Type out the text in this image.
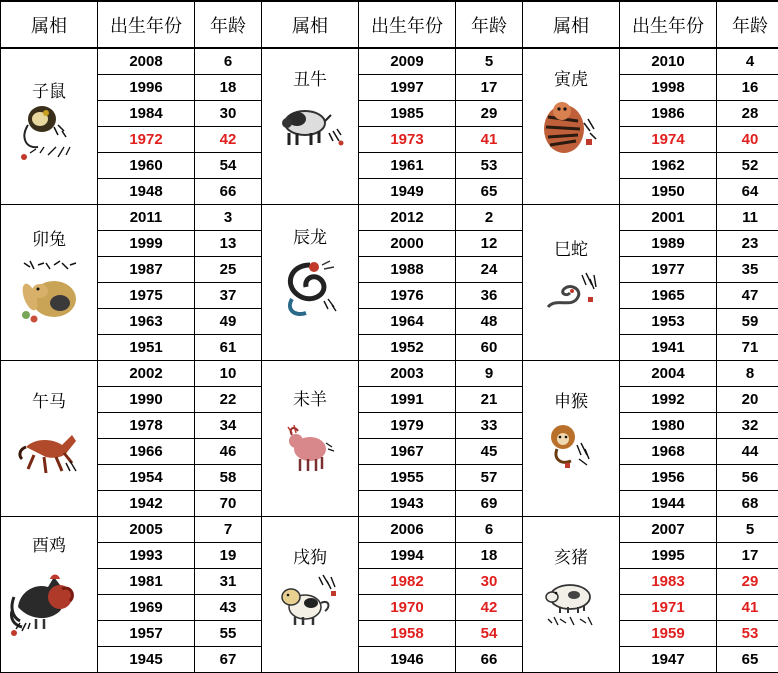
属相	出生年份	年龄	属相	出生年份	年龄	属相	出生年份	年龄

子鼠	2008	6	丑牛	2009	5	寅虎	2010	4
	1996	18		1997	17		1998	16
	1984	30		1985	29		1986	28
	1972	42		1973	41		1974	40
	1960	54		1961	53		1962	52
	1948	66		1949	65		1950	64

卯兔	2011	3	辰龙	2012	2	巳蛇	2001	11
	1999	13		2000	12		1989	23
	1987	25		1988	24		1977	35
	1975	37		1976	36		1965	47
	1963	49		1964	48		1953	59
	1951	61		1952	60		1941	71

午马	2002	10	未羊	2003	9	申猴	2004	8
	1990	22		1991	21		1992	20
	1978	34		1979	33		1980	32
	1966	46		1967	45		1968	44
	1954	58		1955	57		1956	56
	1942	70		1943	69		1944	68

酉鸡	2005	7	戌狗	2006	6	亥猪	2007	5
	1993	19		1994	18		1995	17
	1981	31		1982	30		1983	29
	1969	43		1970	42		1971	41
	1957	55		1958	54		1959	53
	1945	67		1946	66		1947	65
